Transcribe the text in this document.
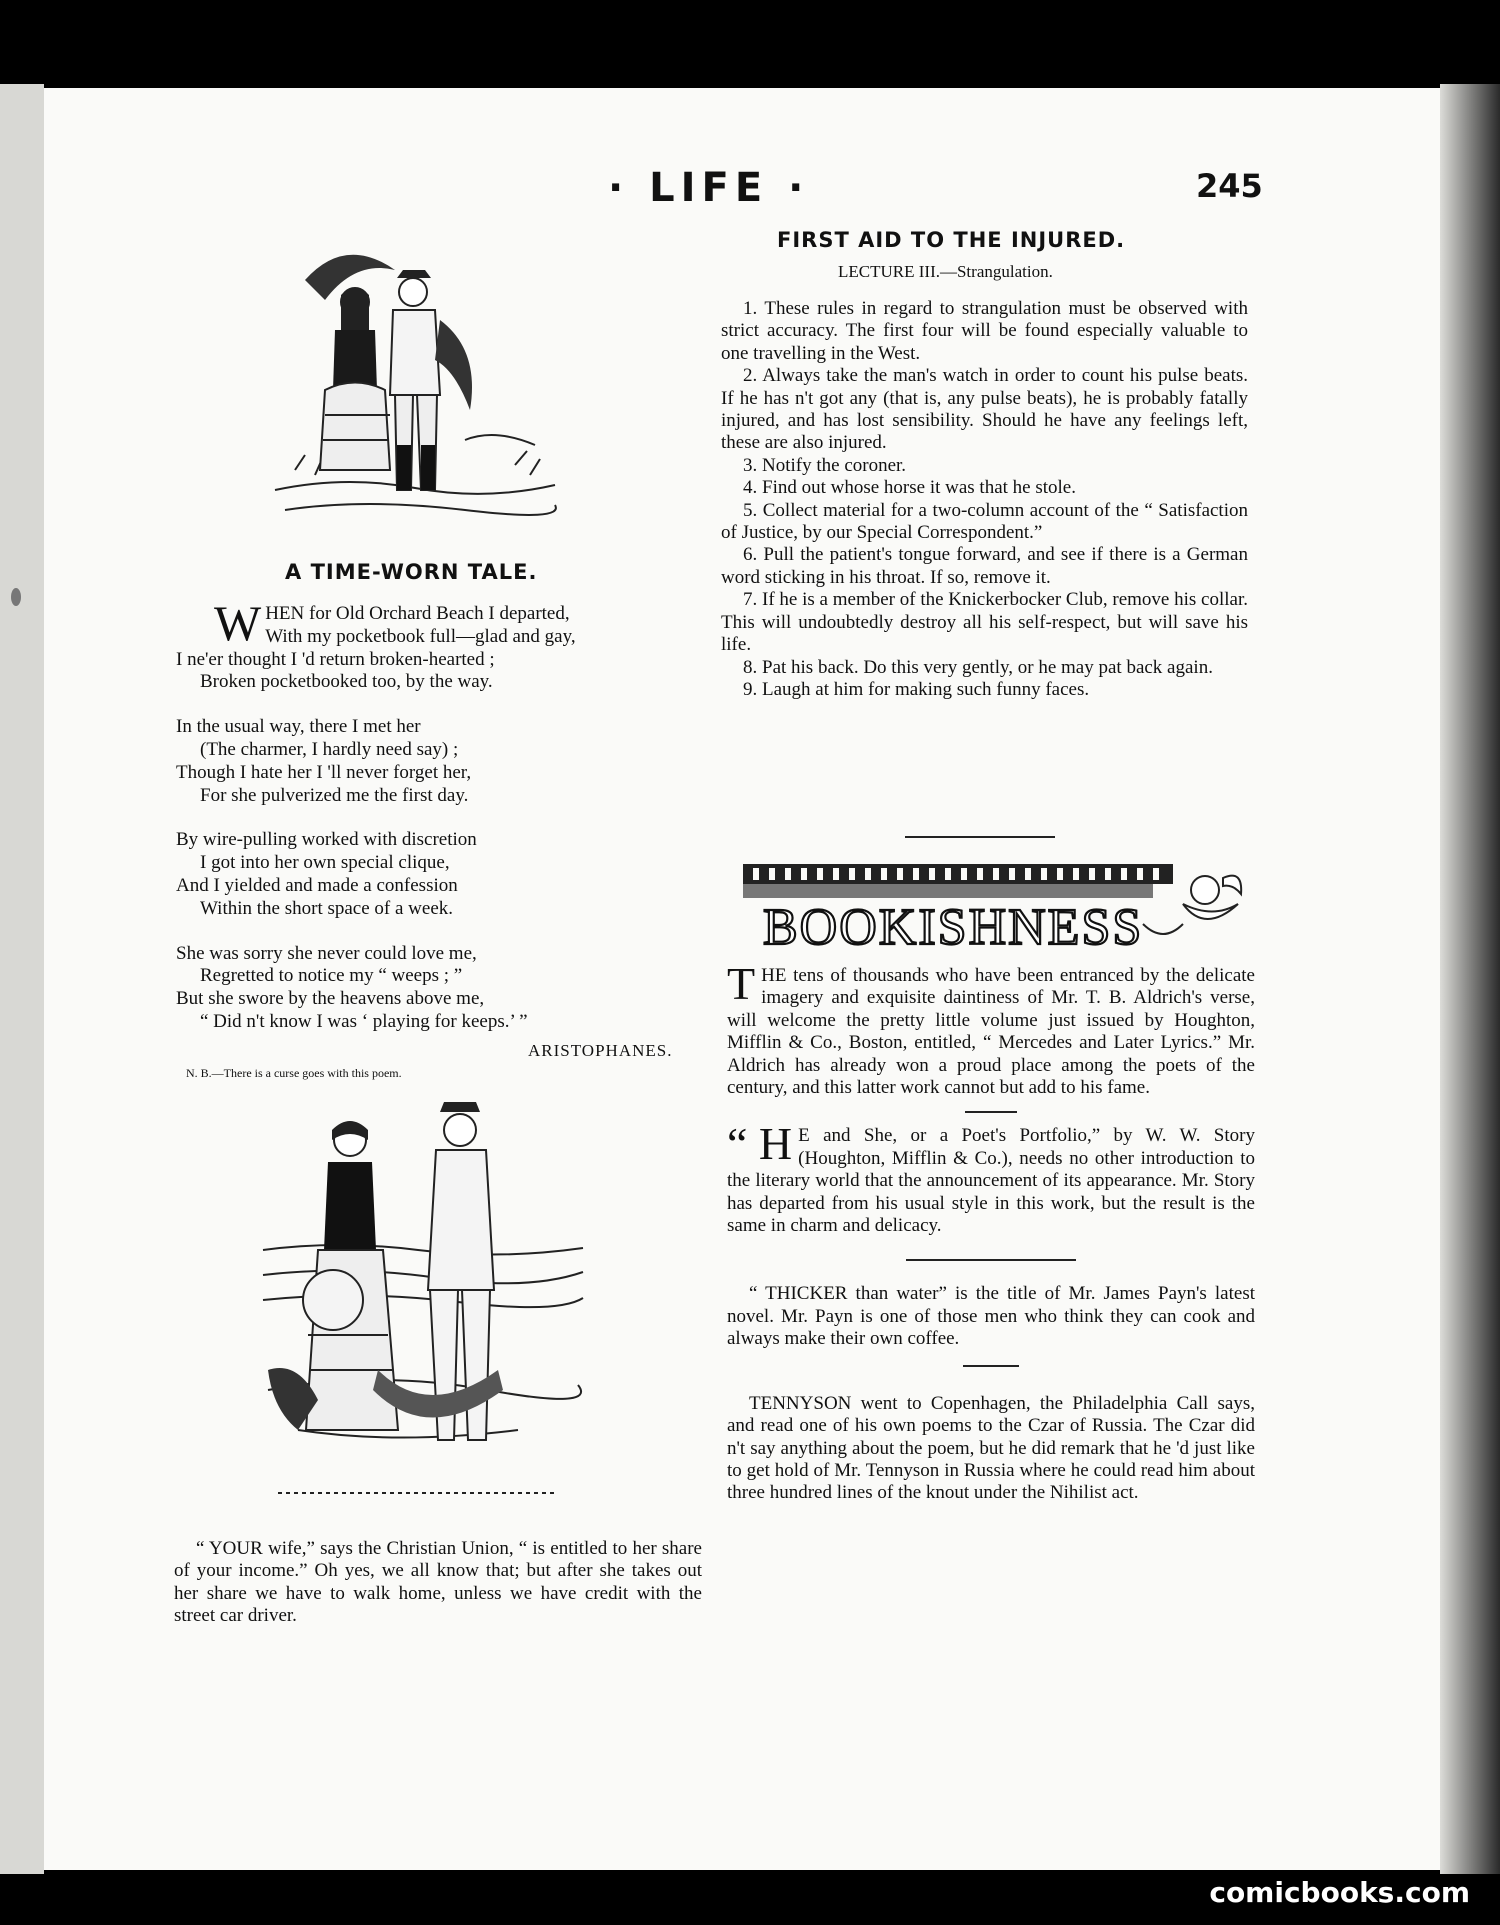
· LIFE ·	245
A TIME-WORN TALE.
W HEN for Old Orchard Beach I departed,
With my pocketbook full—glad and gay,
I ne'er thought I 'd return broken-hearted ;
Broken pocketbooked too, by the way.
In the usual way, there I met her
(The charmer, I hardly need say) ;
Though I hate her I 'll never forget her,
For she pulverized me the first day.
By wire-pulling worked with discretion
I got into her own special clique,
And I yielded and made a confession
Within the short space of a week.
She was sorry she never could love me,
Regretted to notice my “ weeps ; ”
But she swore by the heavens above me,
“ Did n't know I was ‘ playing for keeps.’ ”
ARISTOPHANES.
N. B.—There is a curse goes with this poem.

“ YOUR wife,” says the Christian Union, “ is entitled to her share of your income.” Oh yes, we all know that; but after she takes out her share we have to walk home, unless we have credit with the street car driver.

FIRST AID TO THE INJURED.
LECTURE III.—Strangulation.

1. These rules in regard to strangulation must be observed with strict accuracy. The first four will be found especially valuable to one travelling in the West.

2. Always take the man's watch in order to count his pulse beats. If he has n't got any (that is, any pulse beats), he is probably fatally injured, and has lost sensibility. Should he have any feelings left, these are also injured.

3. Notify the coroner.

4. Find out whose horse it was that he stole.

5. Collect material for a two-column account of the “ Satisfaction of Justice, by our Special Correspondent.”

6. Pull the patient's tongue forward, and see if there is a German word sticking in his throat. If so, remove it.

7. If he is a member of the Knickerbocker Club, remove his collar. This will undoubtedly destroy all his self-respect, but will save his life.

8. Pat his back. Do this very gently, or he may pat back again.

9. Laugh at him for making such funny faces.

BOOKISHNESS

T HE tens of thousands who have been entranced by the delicate imagery and exquisite daintiness of Mr. T. B. Aldrich's verse, will welcome the pretty little volume just issued by Houghton, Mifflin & Co., Boston, entitled, “ Mercedes and Later Lyrics.” Mr. Aldrich has already won a proud place among the poets of the century, and this latter work cannot but add to his fame.

“ H E and She, or a Poet's Portfolio,” by W. W. Story (Houghton, Mifflin & Co.), needs no other introduction to the literary world that the announcement of its appearance. Mr. Story has departed from his usual style in this work, but the result is the same in charm and delicacy.

“ THICKER than water” is the title of Mr. James Payn's latest novel. Mr. Payn is one of those men who think they can cook and always make their own coffee.

TENNYSON went to Copenhagen, the Philadelphia Call says, and read one of his own poems to the Czar of Russia. The Czar did n't say anything about the poem, but he did remark that he 'd just like to get hold of Mr. Tennyson in Russia where he could read him about three hundred lines of the knout under the Nihilist act.

comicbooks.com
